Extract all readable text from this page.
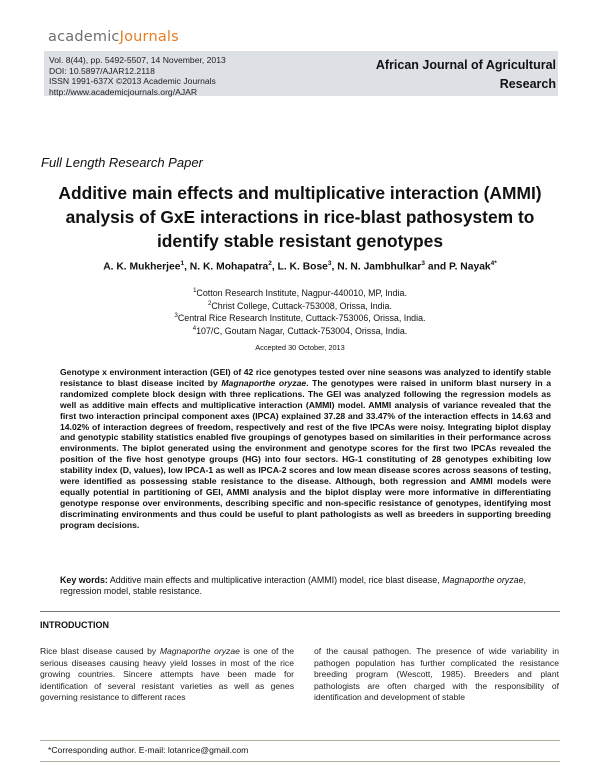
academicJournals
Vol. 8(44), pp. 5492-5507, 14 November, 2013
DOI: 10.5897/AJAR12.2118
ISSN 1991-637X ©2013 Academic Journals
http://www.academicjournals.org/AJAR
African Journal of Agricultural
Research
Full Length Research Paper
Additive main effects and multiplicative interaction (AMMI) analysis of GxE interactions in rice-blast pathosystem to identify stable resistant genotypes
A. K. Mukherjee$^1$, N. K. Mohapatra$^2$, L. K. Bose$^3$, N. N. Jambhulkar$^3$ and P. Nayak$^{4*}$
$^1$Cotton Research Institute, Nagpur-440010, MP, India.
$^2$Christ College, Cuttack-753008, Orissa, India.
$^3$Central Rice Research Institute, Cuttack-753006, Orissa, India.
$^4$107/C, Goutam Nagar, Cuttack-753004, Orissa, India.
Accepted 30 October, 2013
Genotype x environment interaction (GEI) of 42 rice genotypes tested over nine seasons was analyzed to identify stable resistance to blast disease incited by Magnaporthe oryzae. The genotypes were raised in uniform blast nursery in a randomized complete block design with three replications. The GEI was analyzed following the regression models as well as additive main effects and multiplicative interaction (AMMI) model. AMMI analysis of variance revealed that the first two interaction principal component axes (IPCA) explained 37.28 and 33.47% of the interaction effects in 14.63 and 14.02% of interaction degrees of freedom, respectively and rest of the five IPCAs were noisy. Integrating biplot display and genotypic stability statistics enabled five groupings of genotypes based on similarities in their performance across environments. The biplot generated using the environment and genotype scores for the first two IPCAs revealed the position of the five host genotype groups (HG) into four sectors. HG-1 constituting of 28 genotypes exhibiting low stability index (D, values), low IPCA-1 as well as IPCA-2 scores and low mean disease scores across seasons of testing, were identified as possessing stable resistance to the disease. Although, both regression and AMMI models were equally potential in partitioning of GEI, AMMI analysis and the biplot display were more informative in differentiating genotype response over environments, describing specific and non-specific resistance of genotypes, identifying most discriminating environments and thus could be useful to plant pathologists as well as breeders in supporting breeding program decisions.
Key words: Additive main effects and multiplicative interaction (AMMI) model, rice blast disease, Magnaporthe oryzae, regression model, stable resistance.
INTRODUCTION
Rice blast disease caused by Magnaporthe oryzae is one of the serious diseases causing heavy yield losses in most of the rice growing countries. Sincere attempts have been made for identification of several resistant varieties as well as genes governing resistance to different races
of the causal pathogen. The presence of wide variability in pathogen population has further complicated the resistance breeding program (Wescott, 1985). Breeders and plant pathologists are often charged with the responsibility of identification and development of stable
*Corresponding author. E-mail: lotanrice@gmail.com
